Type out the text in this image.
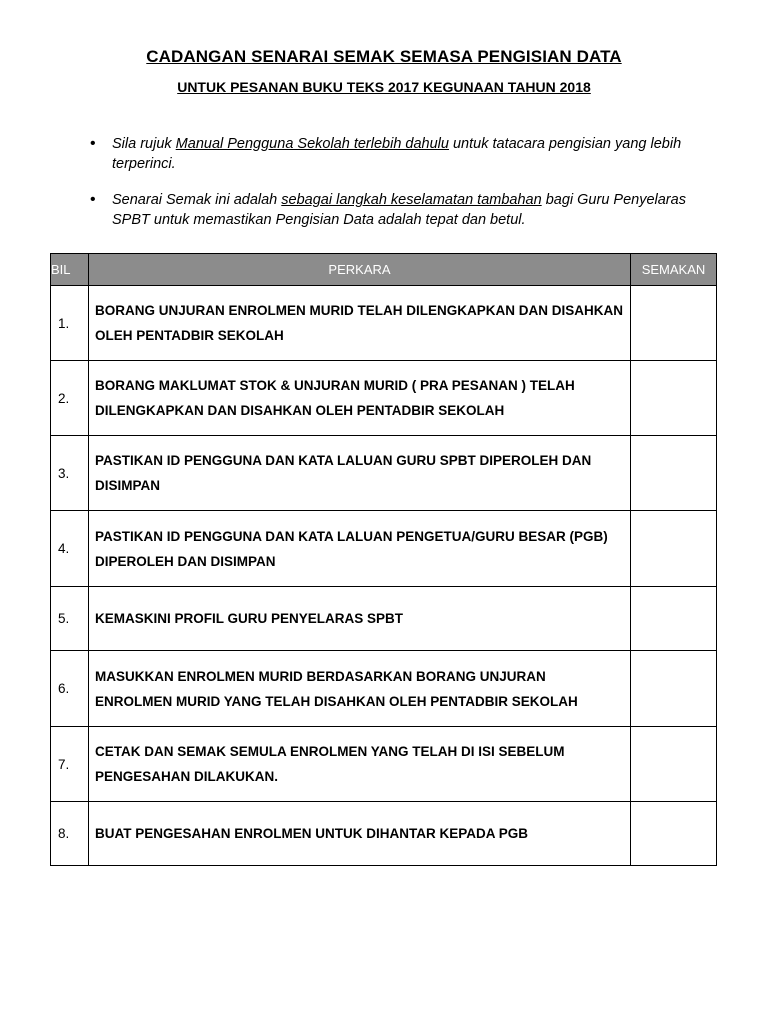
CADANGAN SENARAI SEMAK SEMASA PENGISIAN DATA
UNTUK PESANAN BUKU TEKS 2017 KEGUNAAN TAHUN 2018
• Sila rujuk Manual Pengguna Sekolah terlebih dahulu untuk tatacara pengisian yang lebih terperinci.
• Senarai Semak ini adalah sebagai langkah keselamatan tambahan bagi Guru Penyelaras SPBT untuk memastikan Pengisian Data adalah tepat dan betul.
BIL	PERKARA	SEMAKAN
1.	BORANG UNJURAN ENROLMEN MURID TELAH DILENGKAPKAN DAN DISAHKAN OLEH PENTADBIR SEKOLAH	
2.	BORANG MAKLUMAT STOK & UNJURAN MURID ( PRA PESANAN ) TELAH DILENGKAPKAN DAN DISAHKAN OLEH PENTADBIR SEKOLAH	
3.	PASTIKAN ID PENGGUNA DAN KATA LALUAN GURU SPBT DIPEROLEH DAN DISIMPAN	
4.	PASTIKAN ID PENGGUNA DAN KATA LALUAN PENGETUA/GURU BESAR (PGB) DIPEROLEH DAN DISIMPAN	
5.	KEMASKINI PROFIL GURU PENYELARAS SPBT	
6.	MASUKKAN ENROLMEN MURID BERDASARKAN BORANG UNJURAN ENROLMEN MURID YANG TELAH DISAHKAN OLEH PENTADBIR SEKOLAH	
7.	CETAK DAN SEMAK SEMULA ENROLMEN YANG TELAH DI ISI SEBELUM PENGESAHAN DILAKUKAN.	
8.	BUAT PENGESAHAN ENROLMEN UNTUK DIHANTAR KEPADA PGB	
